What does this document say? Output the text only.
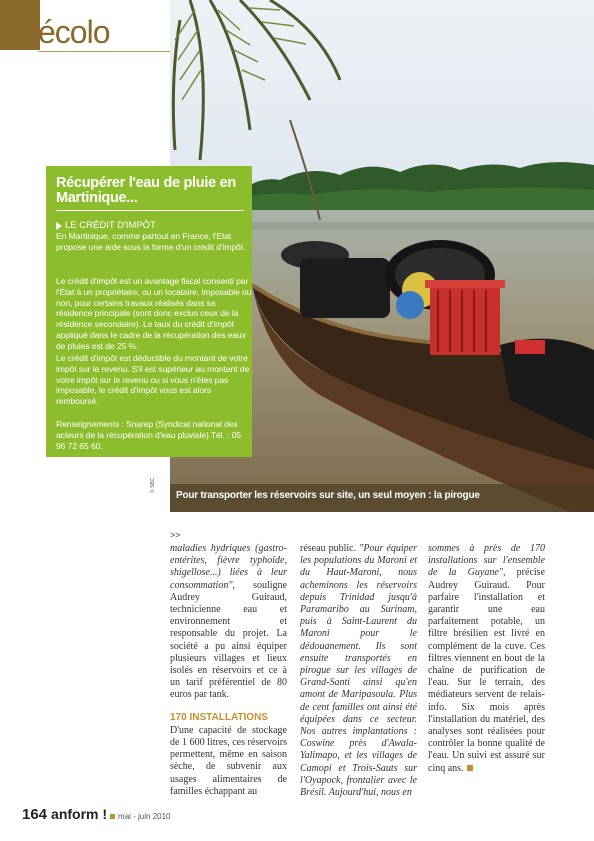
écolo
Pour transporter les réservoirs sur site, un seul moyen : la pirogue
© SBC
Récupérer l'eau de pluie en Martinique...
LE CRÉDIT D'IMPÔT

En Martinique, comme partout en France, l'Etat propose une aide sous la forme d'un crédit d'impôt.

Le crédit d'impôt est un avantage fiscal consenti par l'État à un propriétaire, ou un locataire, imposable ou non, pour certains travaux réalisés dans sa résidence principale (sont donc exclus ceux de la résidence secondaire). Le taux du crédit d'impôt appliqué dans le cadre de la récupération des eaux de pluies est de 25 %.

Le crédit d'impôt est déductible du montant de votre impôt sur le revenu. S'il est supérieur au montant de votre impôt sur le revenu ou si vous n'êtes pas imposable, le crédit d'impôt vous est alors remboursé.

Renseignements : Snarep (Syndicat national des acteurs de la récupération d'eau pluviale) Tél. : 05 96 72 65 60.

>>

maladies hydriques (gastro-entérites, fièvre typhoïde, shigellose...) liées à leur consommation", souligne Audrey Guiraud, technicienne eau et environnement et responsable du projet. La société a pu ainsi équiper plusieurs villages et lieux isolés en réservoirs et ce à un tarif préférentiel de 80 euros par tank.

170 INSTALLATIONS

D'une capacité de stockage de 1 600 litres, ces réservoirs permettent, même en saison sèche, de subvenir aux usages alimentaires de familles échappant au

réseau public. "Pour équiper les populations du Maroni et du Haut-Maroni, nous acheminons les réservoirs depuis Trinidad jusqu'à Paramaribo au Surinam, puis à Saint-Laurent du Maroni pour le dédouanement. Ils sont ensuite transportés en pirogue sur les villages de Grand-Santi ainsi qu'en amont de Maripasoula. Plus de cent familles ont ainsi été équipées dans ce secteur. Nos autres implantations : Coswine près d'Awala-Yalimapo, et les villages de Camopi et Trois-Sauts sur l'Oyapock, frontalier avec le Brésil. Aujourd'hui, nous en

sommes à près de 170 installations sur l'ensemble de la Guyane", précise Audrey Guiraud. Pour parfaire l'installation et garantir une eau parfaitement potable, un filtre brésilien est livré en complément de la cuve. Ces filtres viennent en bout de la chaîne de purification de l'eau. Sur le terrain, des médiateurs servent de relais-info. Six mois après l'installation du matériel, des analyses sont réalisées pour contrôler la bonne qualité de l'eau. Un suivi est assuré sur cinq ans.

164 anform ! mai - juin 2010
